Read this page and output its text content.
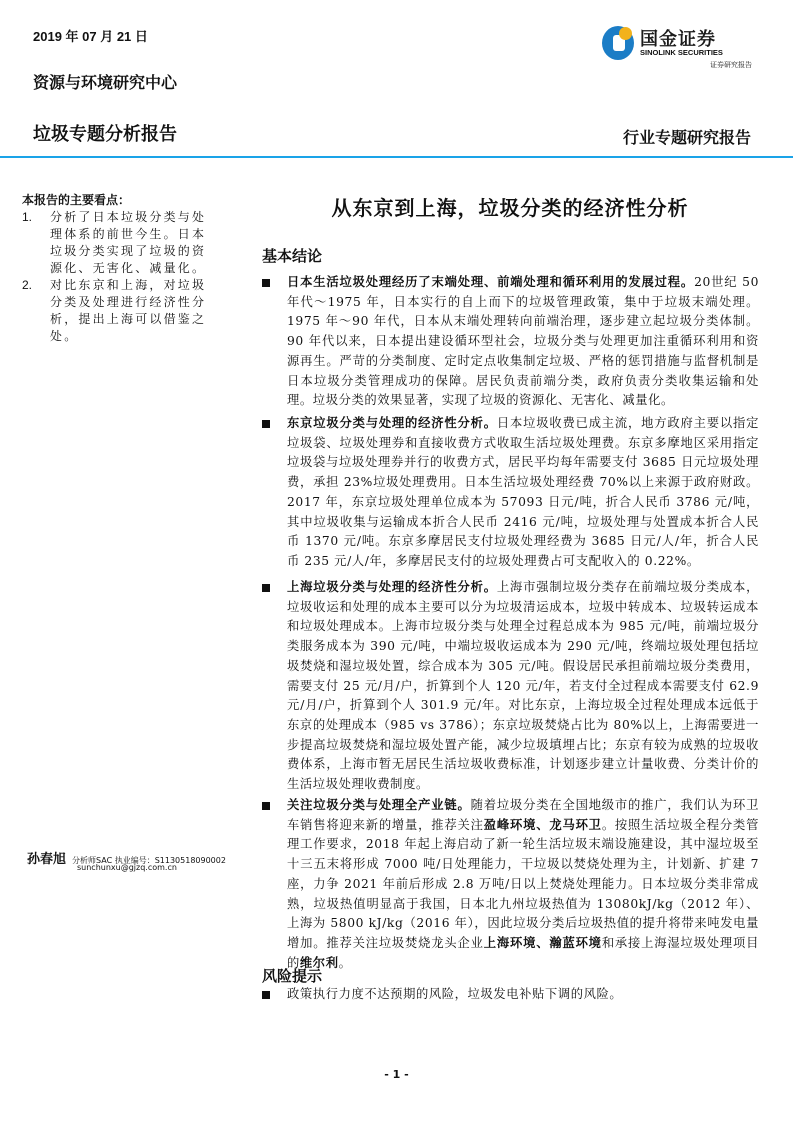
2019 年 07 月 21 日
资源与环境研究中心
垃圾专题分析报告	行业专题研究报告
国金证券
SINOLINK SECURITIES
证券研究报告
本报告的主要看点：
1.	分析了日本垃圾分类与处理体系的前世今生。日本垃圾分类实现了垃圾的资源化、无害化、减量化。
2.	对比东京和上海，对垃圾分类及处理进行经济性分析，提出上海可以借鉴之处。
孙春旭 分析师SAC 执业编号：S1130518090002
sunchunxu@gjzq.com.cn
从东京到上海，垃圾分类的经济性分析
基本结论
日本生活垃圾处理经历了末端处理、前端处理和循环利用的发展过程。20世纪 50 年代～1975 年，日本实行的自上而下的垃圾管理政策，集中于垃圾末端处理。1975 年～90 年代，日本从末端处理转向前端治理，逐步建立起垃圾分类体制。90 年代以来，日本提出建设循环型社会，垃圾分类与处理更加注重循环利用和资源再生。严苛的分类制度、定时定点收集制定垃圾、严格的惩罚措施与监督机制是日本垃圾分类管理成功的保障。居民负责前端分类，政府负责分类收集运输和处理。垃圾分类的效果显著，实现了垃圾的资源化、无害化、减量化。
东京垃圾分类与处理的经济性分析。日本垃圾收费已成主流，地方政府主要以指定垃圾袋、垃圾处理券和直接收费方式收取生活垃圾处理费。东京多摩地区采用指定垃圾袋与垃圾处理券并行的收费方式，居民平均每年需要支付 3685 日元垃圾处理费，承担 23%垃圾处理费用。日本生活垃圾处理经费 70%以上来源于政府财政。2017 年，东京垃圾处理单位成本为 57093 日元/吨，折合人民币 3786 元/吨，其中垃圾收集与运输成本折合人民币 2416 元/吨，垃圾处理与处置成本折合人民币 1370 元/吨。东京多摩居民支付垃圾处理经费为 3685 日元/人/年，折合人民币 235 元/人/年，多摩居民支付的垃圾处理费占可支配收入的 0.22%。
上海垃圾分类与处理的经济性分析。上海市强制垃圾分类存在前端垃圾分类成本，垃圾收运和处理的成本主要可以分为垃圾清运成本，垃圾中转成本、垃圾转运成本和垃圾处理成本。上海市垃圾分类与处理全过程总成本为 985 元/吨，前端垃圾分类服务成本为 390 元/吨，中端垃圾收运成本为 290 元/吨，终端垃圾处理包括垃圾焚烧和湿垃圾处置，综合成本为 305 元/吨。假设居民承担前端垃圾分类费用，需要支付 25 元/月/户，折算到个人 120 元/年，若支付全过程成本需要支付 62.9 元/月/户，折算到个人 301.9 元/年。对比东京，上海垃圾全过程处理成本远低于东京的处理成本（985 vs 3786）；东京垃圾焚烧占比为 80%以上，上海需要进一步提高垃圾焚烧和湿垃圾处置产能，减少垃圾填埋占比；东京有较为成熟的垃圾收费体系，上海市暂无居民生活垃圾收费标准，计划逐步建立计量收费、分类计价的生活垃圾处理收费制度。
关注垃圾分类与处理全产业链。随着垃圾分类在全国地级市的推广，我们认为环卫车销售将迎来新的增量，推荐关注盈峰环境、龙马环卫。按照生活垃圾全程分类管理工作要求，2018 年起上海启动了新一轮生活垃圾末端设施建设，其中湿垃圾至十三五末将形成 7000 吨/日处理能力，干垃圾以焚烧处理为主，计划新、扩建 7 座，力争 2021 年前后形成 2.8 万吨/日以上焚烧处理能力。日本垃圾分类非常成熟，垃圾热值明显高于我国，日本北九州垃圾热值为 13080kJ/kg（2012 年）、上海为 5800 kJ/kg（2016 年），因此垃圾分类后垃圾热值的提升将带来吨发电量增加。推荐关注垃圾焚烧龙头企业上海环境、瀚蓝环境和承接上海湿垃圾处理项目的维尔利。
风险提示
政策执行力度不达预期的风险，垃圾发电补贴下调的风险。
- 1 -
